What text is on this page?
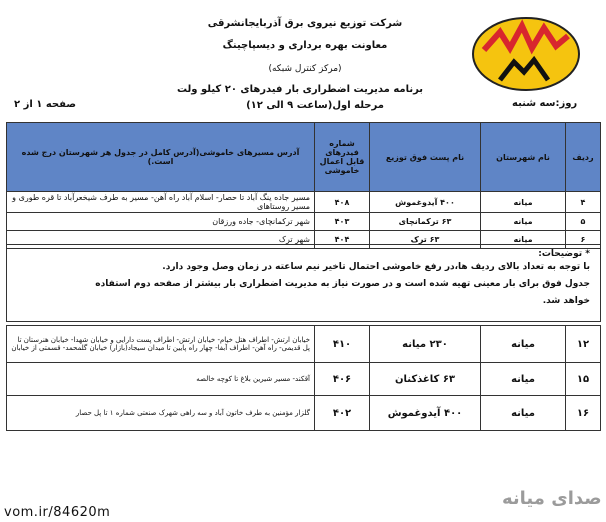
شرکت توزیع نیروی برق آذربایجانشرقی
معاونت بهره برداری و دیسپاچینگ
(مرکز کنترل شبکه)
برنامه مدیریت اضطراری بار فیدرهای ۲۰ کیلو ولت
روز:سه شنبه
مرحله اول(ساعت ۹ الی ۱۲)
صفحه ۱ از ۲
ردیف	نام شهرستان	نام پست فوق توزیع	شماره فیدرهای قابل اعمال خاموشی	آدرس مسیرهای خاموشی(آدرس کامل در جدول هر شهرستان درج شده است.)
۴	میانه	۴۰۰ آیدوغموش	۴۰۸	مسیر جاده ینگ آباد تا حصار- اسلام آباد راه آهن- مسیر به طرف شیخعرآباد تا قره طوری و مسیر روستاهای
۵	میانه	۶۳ ترکمانچای	۴۰۳	شهر ترکمانچای- جاده ورزقان
۶	میانه	۶۳ ترک	۴۰۴	شهر ترک
* توضیحات:
با توجه به تعداد بالای ردیف ها،در رفع خاموشی احتمال تاخیر نیم ساعته در زمان وصل وجود دارد.
جدول فوق برای بار معینی تهیه شده است و در صورت نیاز به مدیریت اضطراری بار بیشتر از صفحه دوم استفاده
خواهد شد.
۱۲	میانه	۲۳۰ میانه	۴۱۰	خیابان ارتش- اطراف هتل خیام- خیابان ارتش- اطراف پست دارایی و خیابان شهدا- خیابان هنرستان تا پل قدیمی- راه آهن- اطراف آبفا- چهار راه پایین تا میدان سیجاد(بازار) خیابان گلمحمد- قسمتی از خیابان
۱۵	میانه	۶۳ کاغذکنان	۴۰۶	آقکند- مسیر شیرین بلاغ تا کوچه خالصه
۱۶	میانه	۴۰۰ آیدوغموش	۴۰۲	گلزار مؤمنین به طرف خاتون آباد و سه راهی شهرک صنعتی شماره ۱ تا پل حصار
vom.ir/84620m
صدای میانه
